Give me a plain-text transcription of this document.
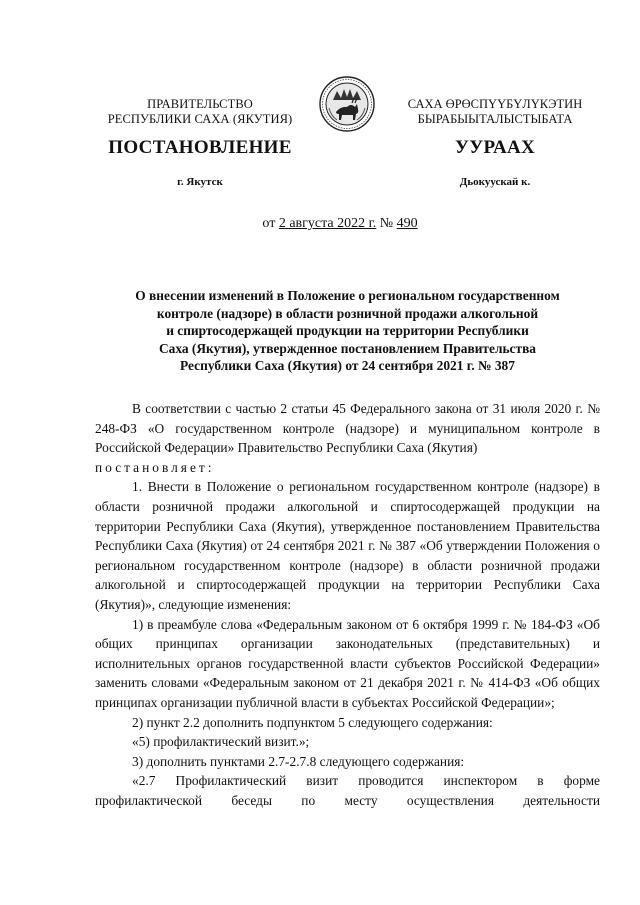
ПРАВИТЕЛЬСТВО
РЕСПУБЛИКИ САХА (ЯКУТИЯ)
САХА ӨРӨСПҮҮБҮЛҮКЭТИН
БЫРАБЫЫТАЛЫСТЫБАТА
ПОСТАНОВЛЕНИЕ	УУРААХ
г. Якутск	Дьокуускай к.
от 2 августа 2022 г. № 490
О внесении изменений в Положение о региональном государственном
контроле (надзоре) в области розничной продажи алкогольной
и спиртосодержащей продукции на территории Республики
Саха (Якутия), утвержденное постановлением Правительства
Республики Саха (Якутия) от 24 сентября 2021 г. № 387

В соответствии с частью 2 статьи 45 Федерального закона от 31 июля 2020 г. № 248-ФЗ «О государственном контроле (надзоре) и муниципальном контроле в Российской Федерации» Правительство Республики Саха (Якутия)

постановляет:

1. Внести в Положение о региональном государственном контроле (надзоре) в области розничной продажи алкогольной и спиртосодержащей продукции на территории Республики Саха (Якутия), утвержденное постановлением Правительства Республики Саха (Якутия) от 24 сентября 2021 г. № 387 «Об утверждении Положения о региональном государственном контроле (надзоре) в области розничной продажи алкогольной и спиртосодержащей продукции на территории Республики Саха (Якутия)», следующие изменения:

1) в преамбуле слова «Федеральным законом от 6 октября 1999 г. № 184-ФЗ «Об общих принципах организации законодательных (представительных) и исполнительных органов государственной власти субъектов Российской Федерации» заменить словами «Федеральным законом от 21 декабря 2021 г. № 414-ФЗ «Об общих принципах организации публичной власти в субъектах Российской Федерации»;

2) пункт 2.2 дополнить подпунктом 5 следующего содержания:

«5) профилактический визит.»;

3) дополнить пунктами 2.7-2.7.8 следующего содержания:

«2.7 Профилактический визит проводится инспектором в форме профилактической беседы по месту осуществления деятельности
